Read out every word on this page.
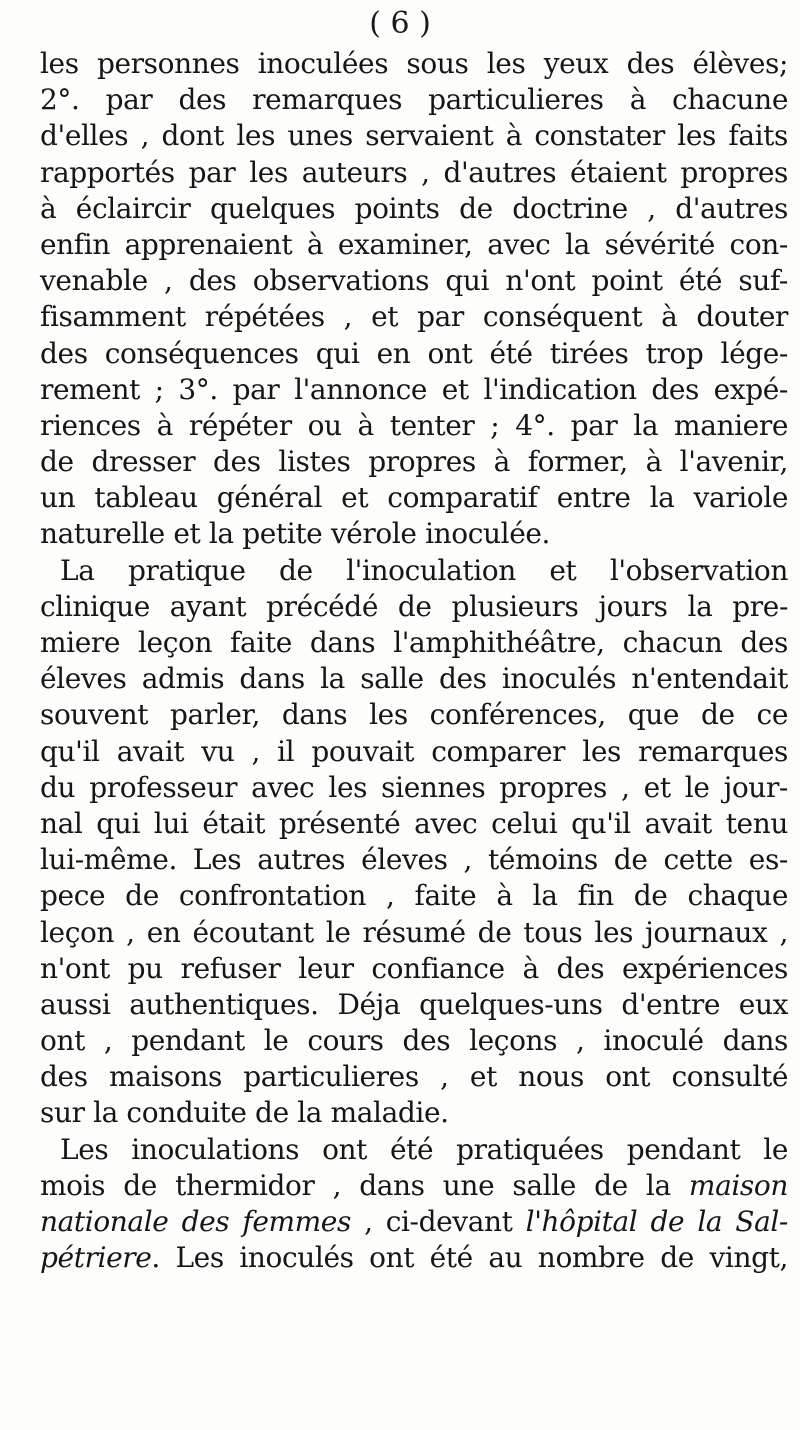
( 6 )
les personnes inoculées sous les yeux des élèves;
2°. par des remarques particulieres à chacune
d'elles , dont les unes servaient à constater les faits
rapportés par les auteurs , d'autres étaient propres
à éclaircir quelques points de doctrine , d'autres
enfin apprenaient à examiner, avec la sévérité con-
venable , des observations qui n'ont point été suf-
fisamment répétées , et par conséquent à douter
des conséquences qui en ont été tirées trop lége-
rement ; 3°. par l'annonce et l'indication des expé-
riences à répéter ou à tenter ; 4°. par la maniere
de dresser des listes propres à former, à l'avenir,
un tableau général et comparatif entre la variole
naturelle et la petite vérole inoculée.
La pratique de l'inoculation et l'observation
clinique ayant précédé de plusieurs jours la pre-
miere leçon faite dans l'amphithéâtre, chacun des
éleves admis dans la salle des inoculés n'entendait
souvent parler, dans les conférences, que de ce
qu'il avait vu , il pouvait comparer les remarques
du professeur avec les siennes propres , et le jour-
nal qui lui était présenté avec celui qu'il avait tenu
lui-même. Les autres éleves , témoins de cette es-
pece de confrontation , faite à la fin de chaque
leçon , en écoutant le résumé de tous les journaux ,
n'ont pu refuser leur confiance à des expériences
aussi authentiques. Déja quelques-uns d'entre eux
ont , pendant le cours des leçons , inoculé dans
des maisons particulieres , et nous ont consulté
sur la conduite de la maladie.
Les inoculations ont été pratiquées pendant le
mois de thermidor , dans une salle de la maison
nationale des femmes , ci-devant l'hôpital de la Sal-
pétriere. Les inoculés ont été au nombre de vingt,
